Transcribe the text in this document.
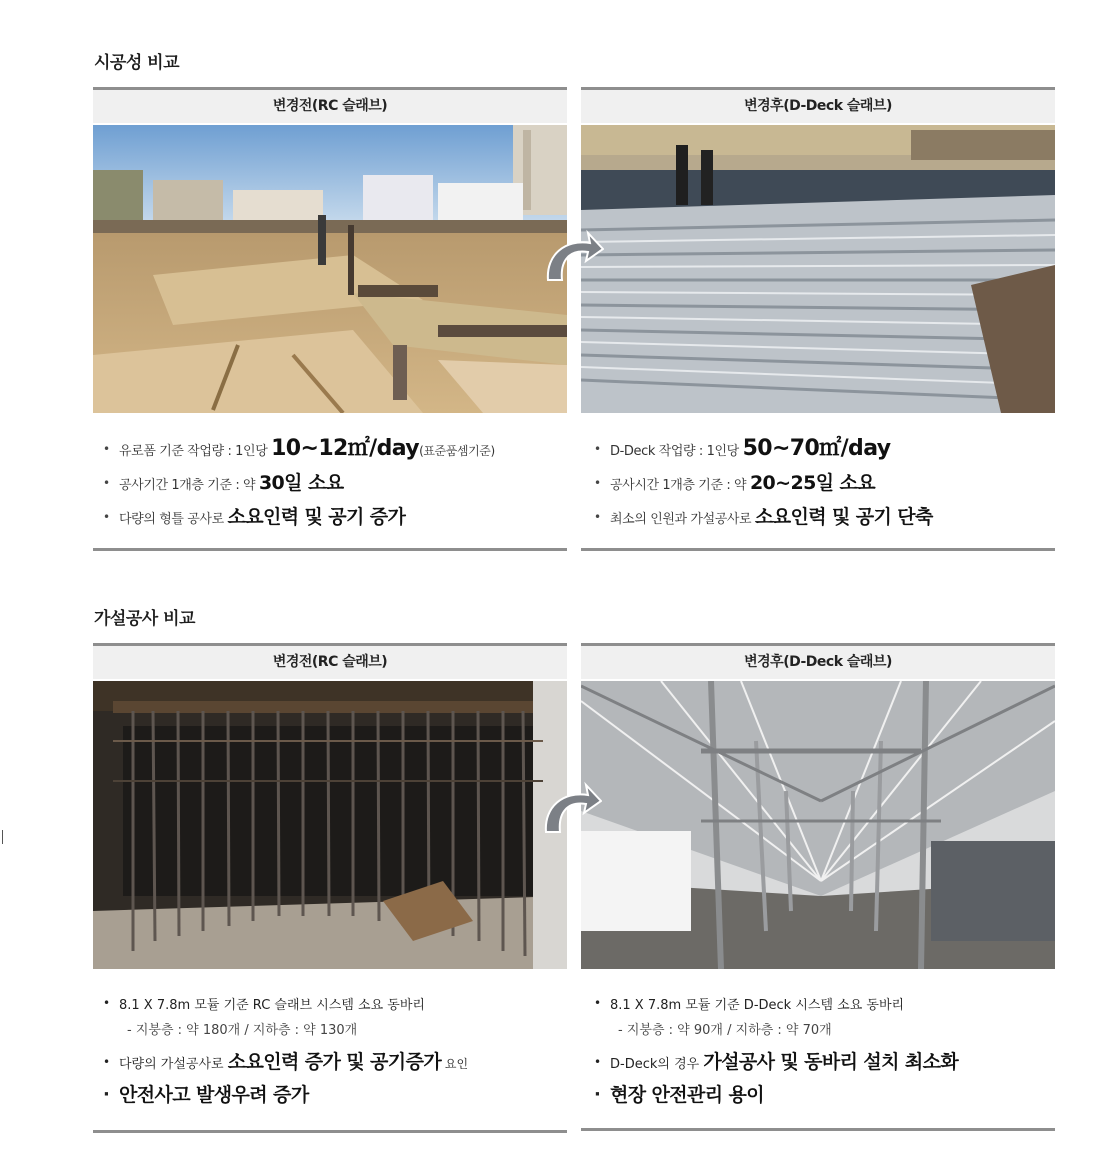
시공성 비교
변경전(RC 슬래브)	변경후(D-Deck 슬래브)
• 유로폼 기준 작업량 : 1인당 10~12㎡/day(표준품셈기준)
• 공사기간 1개층 기준 : 약 30일 소요
• 다량의 형틀 공사로 소요인력 및 공기 증가
• D-Deck 작업량 : 1인당 50~70㎡/day
• 공사시간 1개층 기준 : 약 20~25일 소요
• 최소의 인원과 가설공사로 소요인력 및 공기 단축
가설공사 비교
변경전(RC 슬래브)	변경후(D-Deck 슬래브)
• 8.1 X 7.8m 모듈 기준 RC 슬래브 시스템 소요 동바리
- 지붕층 : 약 180개 / 지하층 : 약 130개
• 다량의 가설공사로 소요인력 증가 및 공기증가 요인
· 안전사고 발생우려 증가
• 8.1 X 7.8m 모듈 기준 D-Deck 시스템 소요 동바리
- 지붕층 : 약 90개 / 지하층 : 약 70개
• D-Deck의 경우 가설공사 및 동바리 설치 최소화
· 현장 안전관리 용이
